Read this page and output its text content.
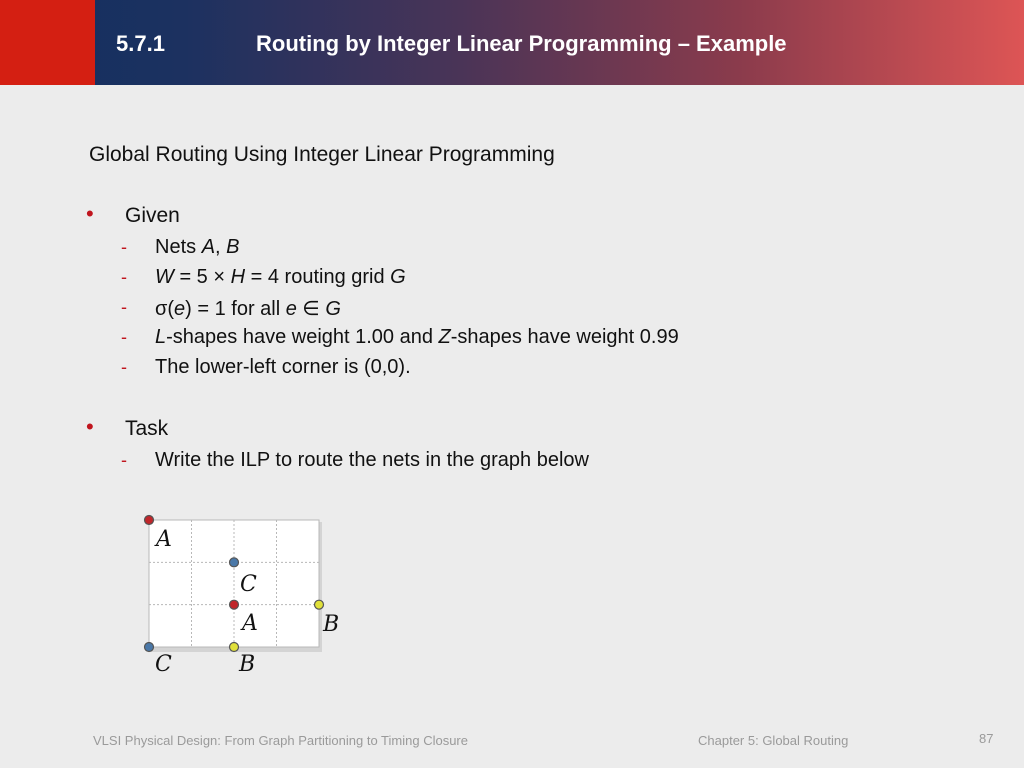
5.7.1	Routing by Integer Linear Programming – Example
Global Routing Using Integer Linear Programming
• Given
- Nets A, B
- W = 5 × H = 4 routing grid G
- σ(e) = 1 for all e ∈ G
- L-shapes have weight 1.00 and Z-shapes have weight 0.99
- The lower-left corner is (0,0).
• Task
- Write the ILP to route the nets in the graph below
A
C
A	B
C	B
VLSI Physical Design: From Graph Partitioning to Timing Closure	Chapter 5: Global Routing	87
